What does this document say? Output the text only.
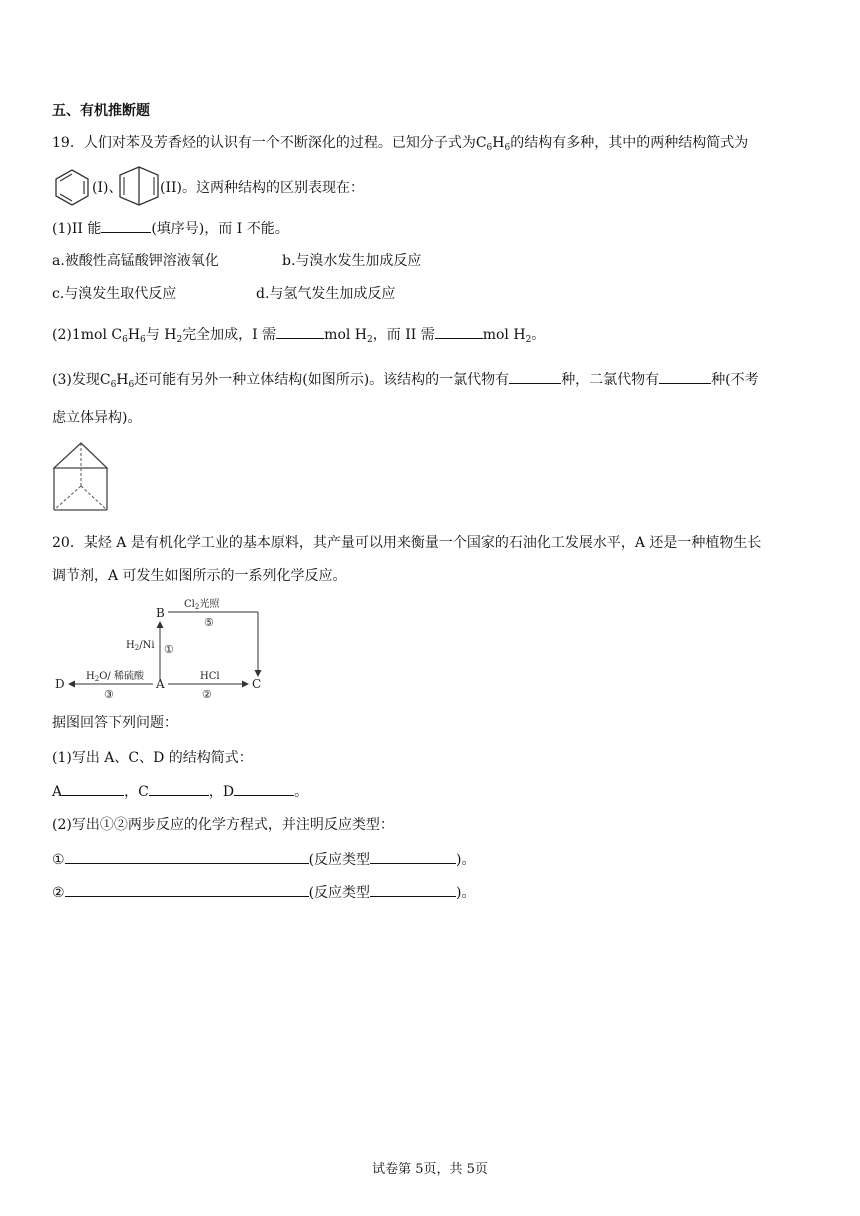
五、有机推断题
19．人们对苯及芳香烃的认识有一个不断深化的过程。已知分子式为$C_6H_6$的结构有多种，其中的两种结构简式为
(I)、	(II)。这两种结构的区别表现在：
(1)II 能	(填序号)，而 I 不能。
a.被酸性高锰酸钾溶液氧化	b.与溴水发生加成反应
c.与溴发生取代反应	d.与氢气发生加成反应
(2)1mol $C_6H_6$与 $H_2$完全加成，I 需	mol $H_2$，而 II 需	mol $H_2$。
(3)发现$C_6H_6$还可能有另外一种立体结构(如图所示)。该结构的一氯代物有	种，二氯代物有	种(不考
虑立体异构)。
20．某烃 A 是有机化学工业的基本原料，其产量可以用来衡量一个国家的石油化工发展水平，A 还是一种植物生长
调节剂，A 可发生如图所示的一系列化学反应。
B
$Cl_2$光照
⑤
$H_2/Ni$ ①
D	A	C
$H_2O/$ 稀硫酸
③
HCl
②
据图回答下列问题：
(1)写出 A、C、D 的结构简式：
A	，C	，D	。
(2)写出①②两步反应的化学方程式，并注明反应类型：
①	(反应类型	)。
②	(反应类型	)。
试卷第 5页，共 5页
